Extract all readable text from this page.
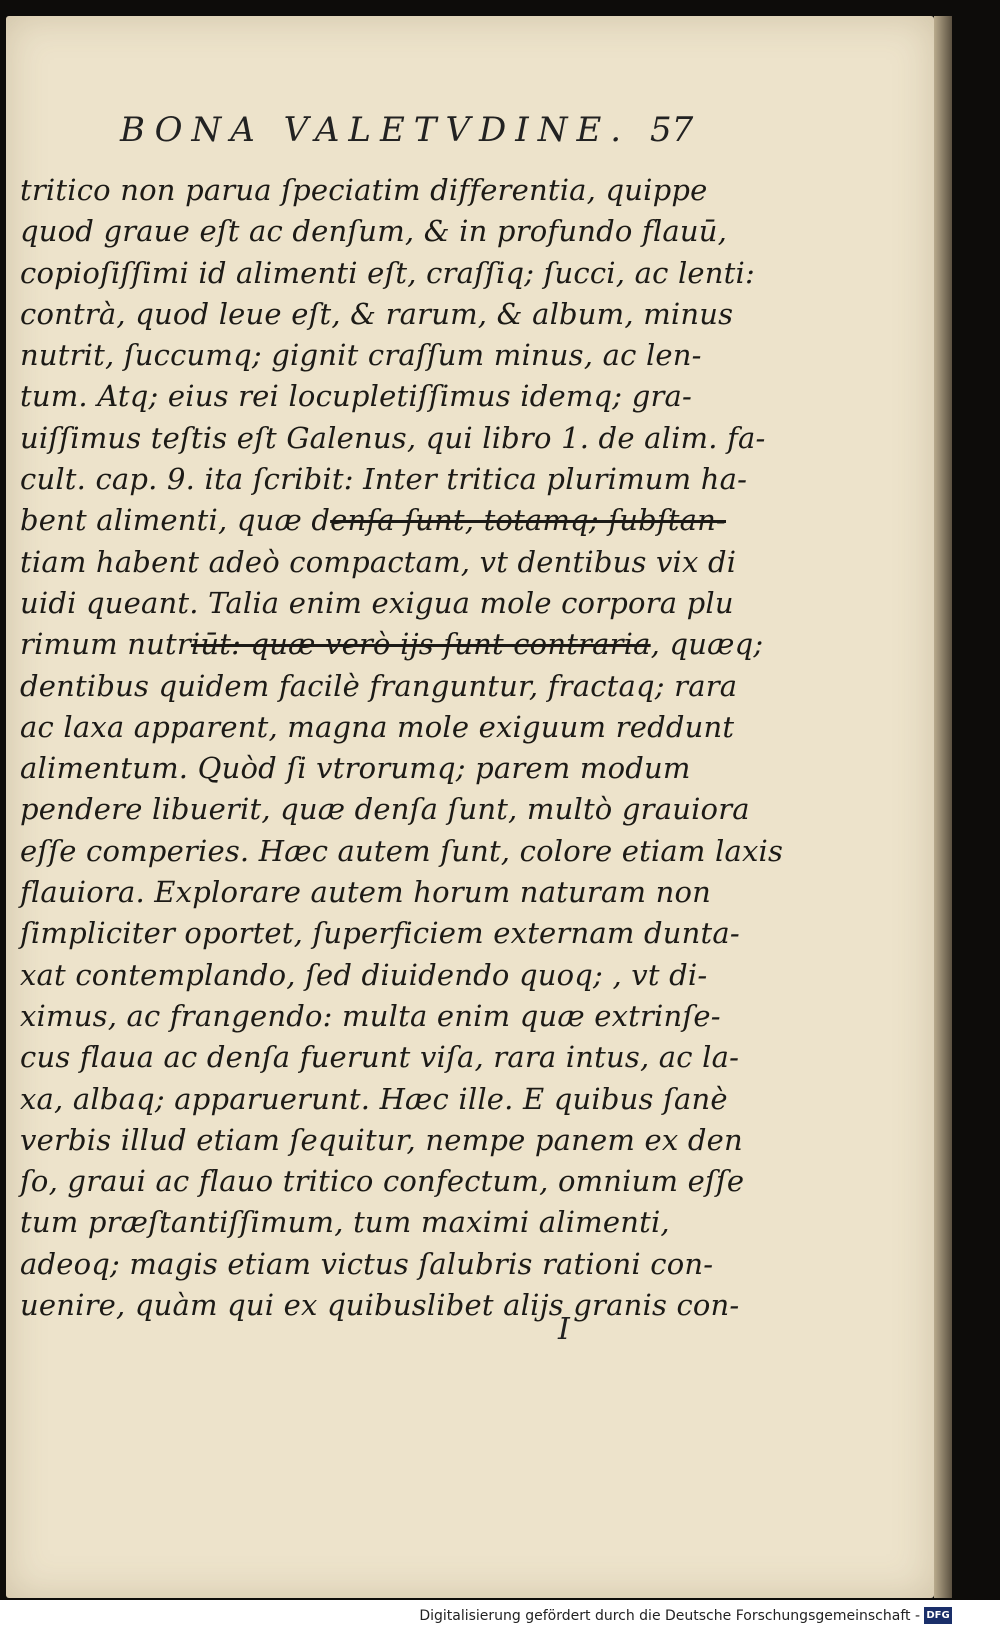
BONA VALETVDINE. 57
tritico non parua ſpeciatim differentia, quippe
quod graue eſt ac denſum, & in profundo flauū,
copioſiſſimi id alimenti eſt, craſſiq; ſucci, ac lenti:
contrà, quod leue eſt, & rarum, & album, minus
nutrit, ſuccumq; gignit craſſum minus, ac len-
tum. Atq; eius rei locupletiſſimus idemq; gra-
uiſſimus teſtis eſt Galenus, qui libro 1. de alim. fa-
cult. cap. 9. ita ſcribit: Inter tritica plurimum ha-
bent alimenti, quæ denſa ſunt, totamq; ſubſtan-
tiam habent adeò compactam, vt dentibus vix di
uidi queant. Talia enim exigua mole corpora plu
rimum nutriūt: quæ verò ijs ſunt contraria, quæq;
dentibus quidem facilè franguntur, fractaq; rara
ac laxa apparent, magna mole exiguum reddunt
alimentum. Quòd ſi vtrorumq; parem modum
pendere libuerit, quæ denſa ſunt, multò grauiora
eſſe comperies. Hæc autem ſunt, colore etiam laxis
flauiora. Explorare autem horum naturam non
ſimpliciter oportet, ſuperficiem externam dunta-
xat contemplando, ſed diuidendo quoq; , vt di-
ximus, ac frangendo: multa enim quæ extrinſe-
cus flaua ac denſa fuerunt viſa, rara intus, ac la-
xa, albaq; apparuerunt. Hæc ille. E quibus ſanè
verbis illud etiam ſequitur, nempe panem ex den
ſo, graui ac flauo tritico confectum, omnium eſſe
tum præſtantiſſimum, tum maximi alimenti,
adeoq; magis etiam victus ſalubris rationi con-
uenire, quàm qui ex quibuslibet alijs granis con-
I
Digitalisierung gefördert durch die Deutsche Forschungsgemeinschaft - DFG
